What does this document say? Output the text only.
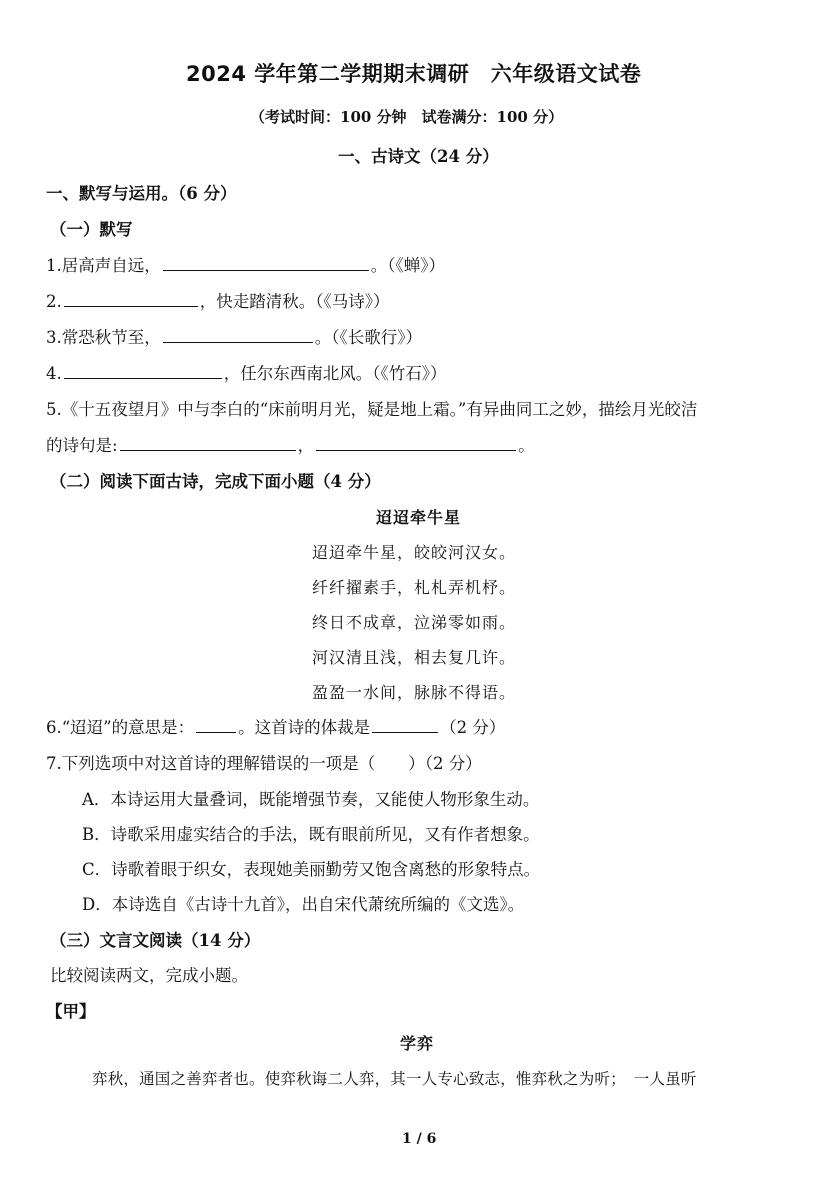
2024 学年第二学期期末调研　六年级语文试卷
（考试时间：100 分钟　试卷满分：100 分）
一、古诗文（24 分）
一、默写与运用。（6 分）
（一）默写
1.居高声自远，	。（《蝉》）
2.	，快走踏清秋。（《马诗》）
3.常恐秋节至，	。（《长歌行》）
4.	，任尔东西南北风。（《竹石》）
5.《十五夜望月》中与李白的“床前明月光，疑是地上霜。”有异曲同工之妙，描绘月光皎洁
的诗句是:	，	。
（二）阅读下面古诗，完成下面小题（4 分）
迢迢牵牛星
迢迢牵牛星，皎皎河汉女。
纤纤擢素手，札札弄机杼。
终日不成章，泣涕零如雨。
河汉清且浅，相去复几许。
盈盈一水间，脉脉不得语。
6.“迢迢”的意思是：	。这首诗的体裁是	（2 分）
7.下列选项中对这首诗的理解错误的一项是（　　）（2 分）
A．本诗运用大量叠词，既能增强节奏，又能使人物形象生动。
B．诗歌采用虚实结合的手法，既有眼前所见，又有作者想象。
C．诗歌着眼于织女，表现她美丽勤劳又饱含离愁的形象特点。
D．本诗选自《古诗十九首》，出自宋代萧统所编的《文选》。
（三）文言文阅读（14 分）
比较阅读两文，完成小题。
【甲】
学弈
弈秋，通国之善弈者也。使弈秋诲二人弈，其一人专心致志，惟弈秋之为听；　一人虽听
1 / 6
